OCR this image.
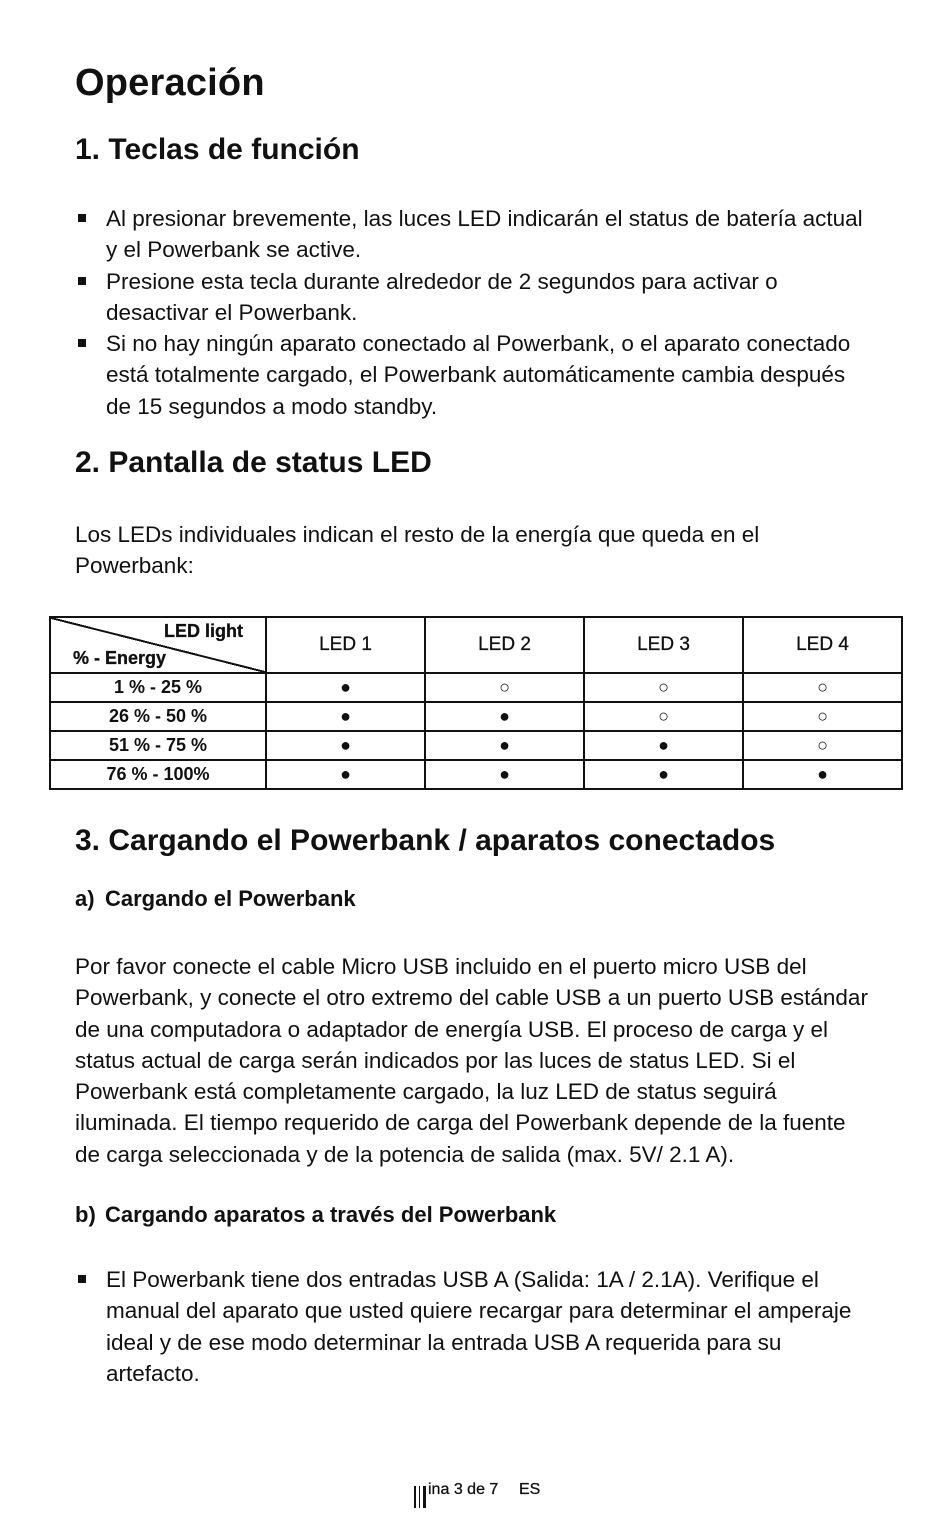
Operación
1. Teclas de función
Al presionar brevemente, las luces LED indicarán el status de batería actual y el Powerbank se active.
Presione esta tecla durante alrededor de 2 segundos para activar o desactivar el Powerbank.
Si no hay ningún aparato conectado al Powerbank, o el aparato conectado está totalmente cargado, el Powerbank automáticamente cambia después de 15 segundos a modo standby.
2. Pantalla de status LED
Los LEDs individuales indican el resto de la energía que queda en el Powerbank:
LED light
% - Energy	LED 1	LED 2	LED 3	LED 4
1 % - 25 %	●	○	○	○
26 % - 50 %	●	●	○	○
51 % - 75 %	●	●	●	○
76 % - 100%	●	●	●	●
3. Cargando el Powerbank / aparatos conectados
a) Cargando el Powerbank
Por favor conecte el cable Micro USB incluido en el puerto micro USB del Powerbank, y conecte el otro extremo del cable USB a un puerto USB estándar de una computadora o adaptador de energía USB. El proceso de carga y el status actual de carga serán indicados por las luces de status LED. Si el Powerbank está completamente cargado, la luz LED de status seguirá iluminada. El tiempo requerido de carga del Powerbank depende de la fuente de carga seleccionada y de la potencia de salida (max. 5V/ 2.1 A).
b) Cargando aparatos a través del Powerbank
El Powerbank tiene dos entradas USB A (Salida: 1A / 2.1A). Verifique el manual del aparato que usted quiere recargar para determinar el amperaje ideal y de ese modo determinar la entrada USB A requerida para su artefacto.
ina 3 de 7 ES
